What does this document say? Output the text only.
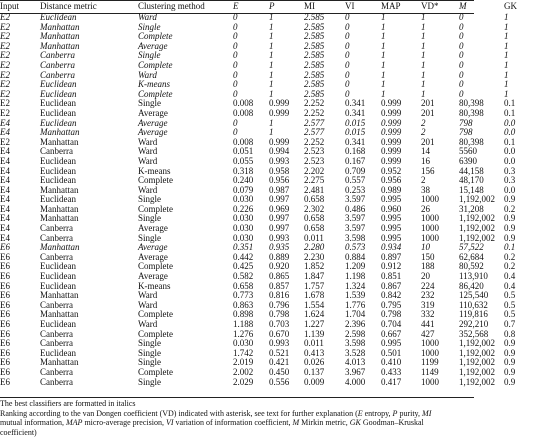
Input	Distance metric	Clustering method	E	P	MI	VI	MAP	VD*	M	GK
E2	Euclidean	Ward	0	1	2.585	0	1	1	0	1
E2	Manhattan	Single	0	1	2.585	0	1	1	0	1
E2	Manhattan	Complete	0	1	2.585	0	1	1	0	1
E2	Manhattan	Average	0	1	2.585	0	1	1	0	1
E2	Canberra	Single	0	1	2.585	0	1	1	0	1
E2	Canberra	Complete	0	1	2.585	0	1	1	0	1
E2	Canberra	Ward	0	1	2.585	0	1	1	0	1
E2	Euclidean	K-means	0	1	2.585	0	1	1	0	1
E2	Euclidean	Complete	0	1	2.585	0	1	1	0	1
E2	Euclidean	Single	0.008	0.999	2.252	0.341	0.999	201	80,398	0.1
E2	Euclidean	Average	0.008	0.999	2.252	0.341	0.999	201	80,398	0.1
E4	Euclidean	Average	0	1	2.577	0.015	0.999	2	798	0.0
E4	Manhattan	Average	0	1	2.577	0.015	0.999	2	798	0.0
E2	Manhattan	Ward	0.008	0.999	2.252	0.341	0.999	201	80,398	0.1
E4	Canberra	Ward	0.051	0.994	2.523	0.168	0.999	14	5560	0.0
E4	Euclidean	Ward	0.055	0.993	2.523	0.167	0.999	16	6390	0.0
E4	Euclidean	K-means	0.318	0.958	2.202	0.709	0.952	156	44,158	0.3
E4	Euclidean	Complete	0.240	0.956	2.275	0.557	0.956	2	48,170	0.3
E4	Manhattan	Ward	0.079	0.987	2.481	0.253	0.989	38	15,148	0.0
E4	Euclidean	Single	0.030	0.997	0.658	3.597	0.995	1000	1,192,002	0.9
E4	Manhattan	Complete	0.226	0.969	2.302	0.486	0.960	26	31,208	0.2
E4	Manhattan	Single	0.030	0.997	0.658	3.597	0.995	1000	1,192,002	0.9
E4	Canberra	Average	0.030	0.997	0.658	3.597	0.995	1000	1,192,002	0.9
E4	Canberra	Single	0.030	0.993	0.011	3.598	0.995	1000	1,192,002	0.9
E6	Manhattan	Average	0.351	0.935	2.280	0.573	0.934	10	57,522	0.1
E6	Canberra	Average	0.442	0.889	2.230	0.884	0.897	150	62,684	0.2
E6	Euclidean	Complete	0.425	0.920	1.852	1.209	0.912	188	80,592	0.2
E6	Euclidean	Average	0.582	0.865	1.847	1.198	0.851	20	113,910	0.4
E6	Euclidean	K-means	0.658	0.857	1.757	1.324	0.867	224	86,420	0.4
E6	Manhattan	Ward	0.773	0.816	1.678	1.539	0.842	232	125,540	0.5
E6	Canberra	Ward	0.863	0.796	1.554	1.776	0.795	319	110,632	0.5
E6	Manhattan	Complete	0.898	0.798	1.624	1.704	0.798	332	119,816	0.5
E6	Euclidean	Ward	1.188	0.703	1.227	2.396	0.704	441	292,210	0.7
E6	Canberra	Complete	1.276	0.670	1.139	2.598	0.667	427	352,568	0.8
E6	Canberra	Single	0.030	0.993	0.011	3.598	0.995	1000	1,192,002	0.9
E6	Euclidean	Single	1.742	0.521	0.413	3.528	0.501	1000	1,192,002	0.9
E6	Manhattan	Single	2.019	0.421	0.026	4.013	0.410	1199	1,192,002	0.9
E6	Canberra	Complete	2.002	0.450	0.137	3.967	0.433	1149	1,192,002	0.9
E6	Canberra	Single	2.029	0.556	0.009	4.000	0.417	1000	1,192,002	0.9

The best classifiers are formatted in italics

Ranking according to the van Dongen coefficient (VD) indicated with asterisk, see text for further explanation (E entropy, P purity, MI

mutual information, MAP micro-average precision, VI variation of information coefficient, M Mirkin metric, GK Goodman–Kruskal

coefficient)
